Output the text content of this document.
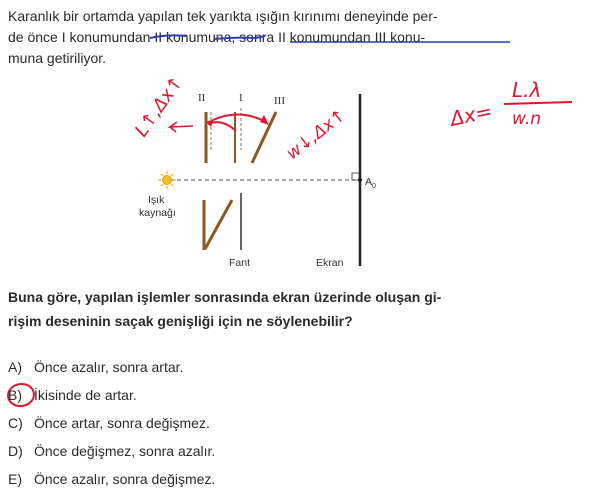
Karanlık bir ortamda yapılan tek yarıkta ışığın kırınımı deneyinde per-
de önce I konumundan II konumuna, sonra II konumundan III konu-
muna getiriliyor.
II	I	III
Işık
kaynağı
$A_0$
Fant	Ekran
L↑,Δx↑	w↓,Δx↑	Δx=
L.λ
w.n
Buna göre, yapılan işlemler sonrasında ekran üzerinde oluşan gi-
rişim deseninin saçak genişliği için ne söylenebilir?
A) Önce azalır, sonra artar.
B) İkisinde de artar.
C) Önce artar, sonra değişmez.
D) Önce değişmez, sonra azalır.
E) Önce azalır, sonra değişmez.
